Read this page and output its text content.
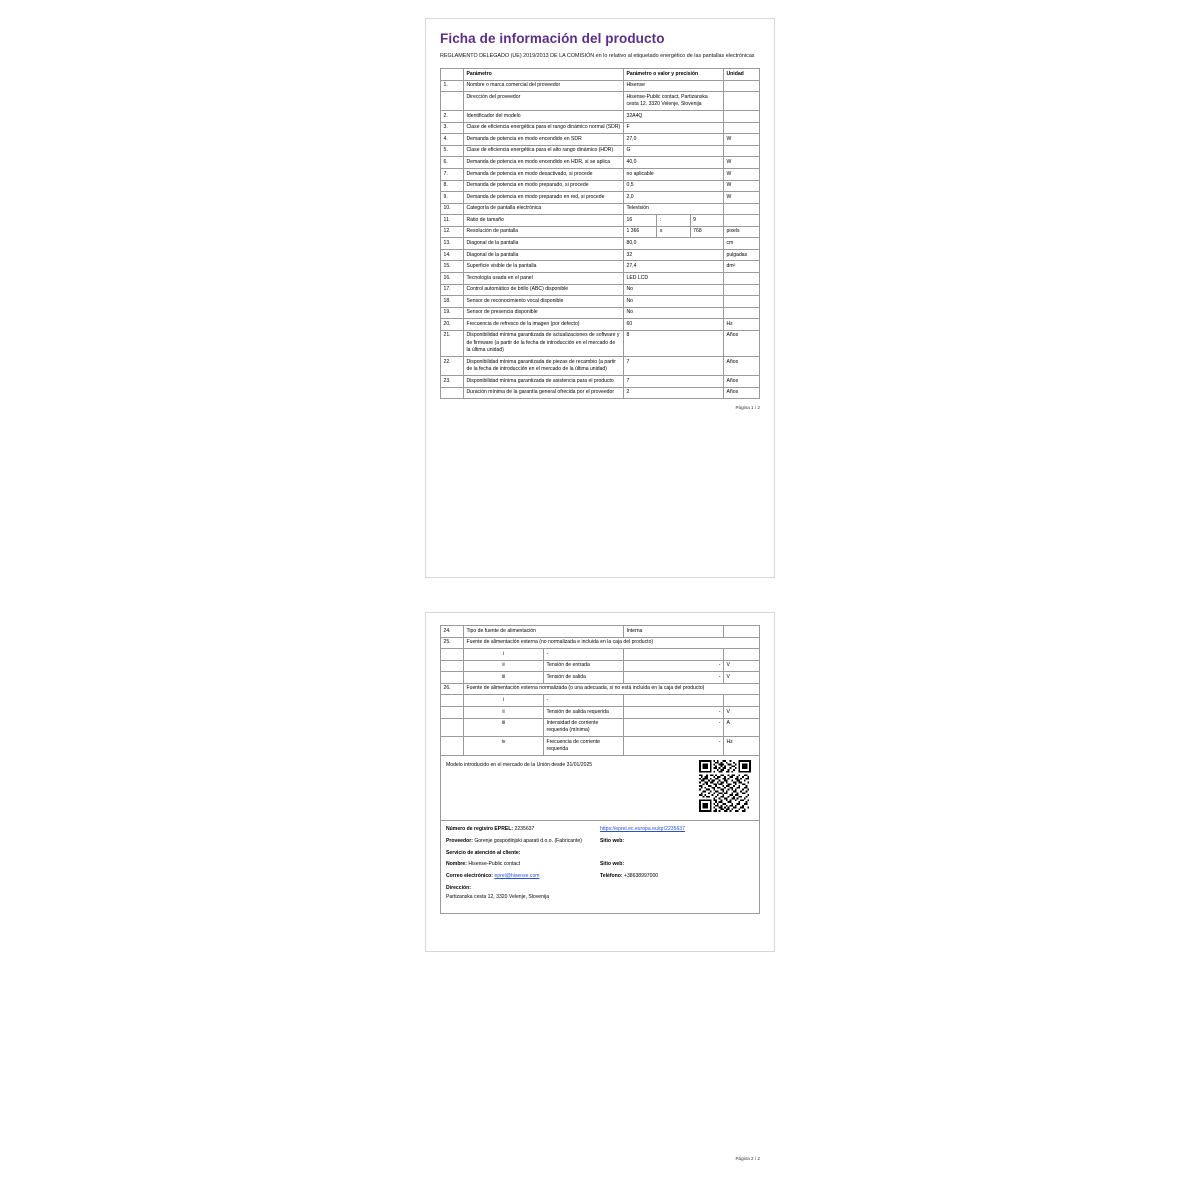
Ficha de información del producto

REGLAMENTO DELEGADO (UE) 2019/2013 DE LA COMISIÓN en lo relativo al etiquetado energético de las pantallas electrónicas

	Parámetro	Parámetro o valor y precisión			Unidad
1.	Nombre o marca comercial del proveedor	Hisense			
	Dirección del proveedor	Hisense-Public contact, Partizanska cesta 12, 3320 Velenje, Slovenija			
2.	Identificador del modelo	32A4Q			
3.	Clase de eficiencia energética para el rango dinámico normal (SDR)	F			
4.	Demanda de potencia en modo encendido en SDR	27,0			W
5.	Clase de eficiencia energética para el alto rango dinámico (HDR)	G			
6.	Demanda de potencia en modo encendido en HDR, si se aplica	40,0			W
7.	Demanda de potencia en modo desactivado, si procede	no aplicable			W
8.	Demanda de potencia en modo preparado, si procede	0,5			W
9.	Demanda de potencia en modo preparado en red, si procede	2,0			W
10.	Categoría de pantalla electrónica	Televisión			
11.	Ratio de tamaño	16	:	9	
12.	Resolución de pantalla	1 366	x	768	pixels
13.	Diagonal de la pantalla	80,0			cm
14.	Diagonal de la pantalla	32			pulgadas
15.	Superficie visible de la pantalla	27,4			dm²
16.	Tecnología usada en el panel	LED LCD			
17.	Control automático de brillo (ABC) disponible	No			
18.	Sensor de reconocimiento vocal disponible	No			
19.	Sensor de presencia disponible	No			
20.	Frecuencia de refresco de la imagen (por defecto)	60			Hz
21.	Disponibilidad mínima garantizada de actualizaciones de software y de firmware (a partir de la fecha de introducción en el mercado de la última unidad)	8			Años
22.	Disponibilidad mínima garantizada de piezas de recambio (a partir de la fecha de introducción en el mercado de la última unidad)	7			Años
23.	Disponibilidad mínima garantizada de asistencia para el producto	7			Años
	Duración mínima de la garantía general ofrecida por el proveedor	2			Años
Página 1 / 2
24.	Tipo de fuente de alimentación		Interna	
25.	Fuente de alimentación externa (no normalizada e incluida en la caja del producto)			
	i	-		
	ii	Tensión de entrada	-	V
	iii	Tensión de salida	-	V
26.	Fuente de alimentación externa normalizada (o una adecuada, si no está incluida en la caja del producto)			
	i	-		
	ii	Tensión de salida requerida	-	V
	iii	Intensidad de corriente requerida (mínima)	-	A
	iv	Frecuencia de corriente requerida	-	Hz
Modelo introducido en el mercado de la Unión desde 31/01/2025
Número de registro EPREL: 2235637	https://eprel.ec.europa.eu/qr/2235637
Proveedor: Gorenje gospodinjski aparati d.o.o. (Fabricante)	Sitio web:
Servicio de atención al cliente:
Nombre: Hisense-Public contact	Sitio web:
Correo electrónico: eprel@hisense.com	Teléfono: +38638997000
Dirección:
Partizanska cesta 12, 3320 Velenje, Slovenija
Página 2 / 2
